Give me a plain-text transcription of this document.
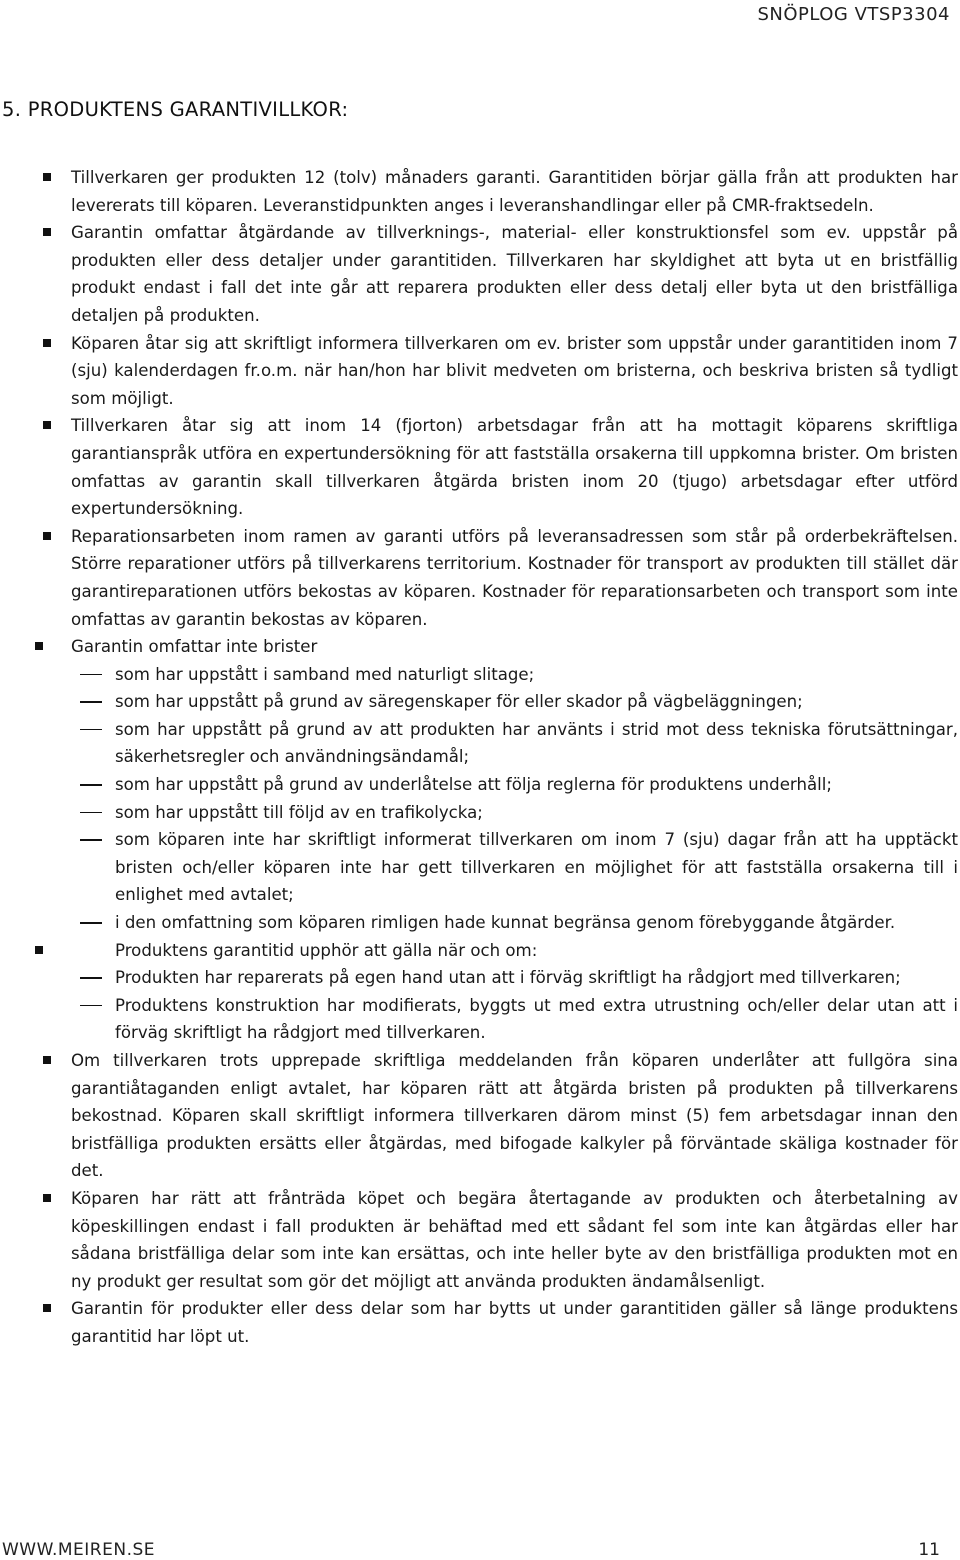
SNÖPLOG VTSP3304
5. PRODUKTENS GARANTIVILLKOR:
Tillverkaren ger produkten 12 (tolv) månaders garanti. Garantitiden börjar gälla från att produkten har levererats till köparen. Leveranstidpunkten anges i leveranshandlingar eller på CMR-fraktsedeln.
Garantin omfattar åtgärdande av tillverknings-, material- eller konstruktionsfel som ev. uppstår på produkten eller dess detaljer under garantitiden. Tillverkaren har skyldighet att byta ut en bristfällig produkt endast i fall det inte går att reparera produkten eller dess detalj eller byta ut den bristfälliga detaljen på produkten.
Köparen åtar sig att skriftligt informera tillverkaren om ev. brister som uppstår under garantitiden inom 7 (sju) kalenderdagen fr.o.m. när han/hon har blivit medveten om bristerna, och beskriva bristen så tydligt som möjligt.
Tillverkaren åtar sig att inom 14 (fjorton) arbetsdagar från att ha mottagit köparens skriftliga garantianspråk utföra en expertundersökning för att fastställa orsakerna till uppkomna brister. Om bristen omfattas av garantin skall tillverkaren åtgärda bristen inom 20 (tjugo) arbetsdagar efter utförd expertundersökning.
Reparationsarbeten inom ramen av garanti utförs på leveransadressen som står på orderbekräftelsen. Större reparationer utförs på tillverkarens territorium. Kostnader för transport av produkten till stället där garantireparationen utförs bekostas av köparen. Kostnader för reparationsarbeten och transport som inte omfattas av garantin bekostas av köparen.
Garantin omfattar inte brister
som har uppstått i samband med naturligt slitage;
som har uppstått på grund av säregenskaper för eller skador på vägbeläggningen;
som har uppstått på grund av att produkten har använts i strid mot dess tekniska förutsättningar, säkerhetsregler och användningsändamål;
som har uppstått på grund av underlåtelse att följa reglerna för produktens underhåll;
som har uppstått till följd av en trafikolycka;
som köparen inte har skriftligt informerat tillverkaren om inom 7 (sju) dagar från att ha upptäckt bristen och/eller köparen inte har gett tillverkaren en möjlighet för att fastställa orsakerna till i enlighet med avtalet;
i den omfattning som köparen rimligen hade kunnat begränsa genom förebyggande åtgärder.
Produktens garantitid upphör att gälla när och om:
Produkten har reparerats på egen hand utan att i förväg skriftligt ha rådgjort med tillverkaren;
Produktens konstruktion har modifierats, byggts ut med extra utrustning och/eller delar utan att i förväg skriftligt ha rådgjort med tillverkaren.
Om tillverkaren trots upprepade skriftliga meddelanden från köparen underlåter att fullgöra sina garantiåtaganden enligt avtalet, har köparen rätt att åtgärda bristen på produkten på tillverkarens bekostnad. Köparen skall skriftligt informera tillverkaren därom minst (5) fem arbetsdagar innan den bristfälliga produkten ersätts eller åtgärdas, med bifogade kalkyler på förväntade skäliga kostnader för det.
Köparen har rätt att frånträda köpet och begära återtagande av produkten och återbetalning av köpeskillingen endast i fall produkten är behäftad med ett sådant fel som inte kan åtgärdas eller har sådana bristfälliga delar som inte kan ersättas, och inte heller byte av den bristfälliga produkten mot en ny produkt ger resultat som gör det möjligt att använda produkten ändamålsenligt.
Garantin för produkter eller dess delar som har bytts ut under garantitiden gäller så länge produktens garantitid har löpt ut.
WWW.MEIREN.SE	11
